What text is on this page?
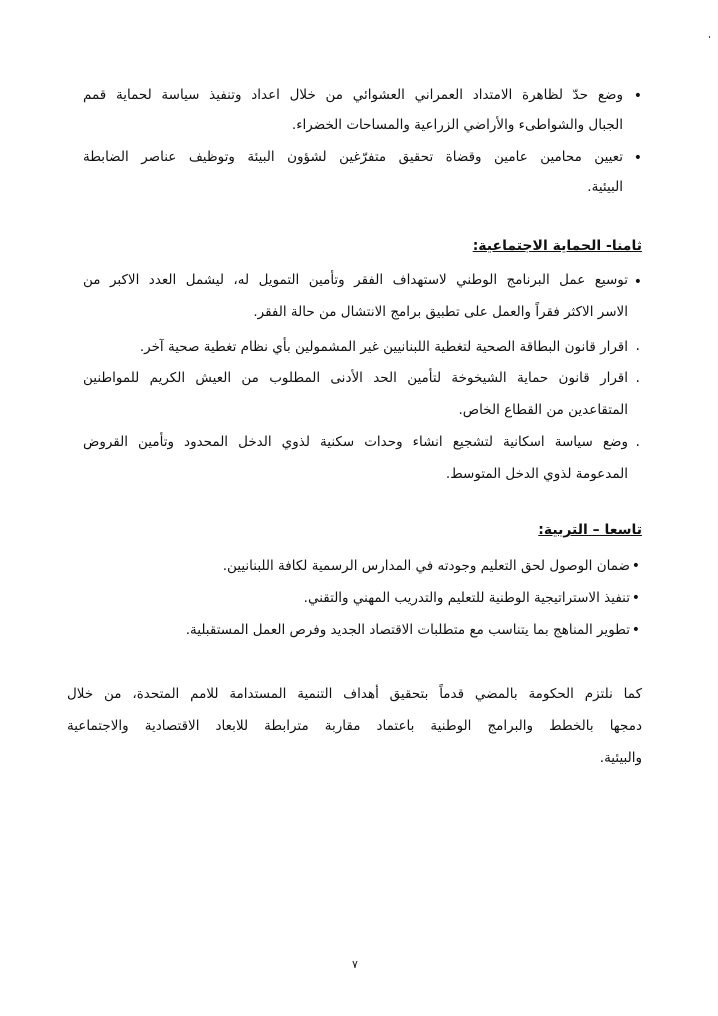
•
وضع حدّ لظاهرة الامتداد العمراني العشوائي من خلال اعداد وتنفيذ سياسة لحماية قمم
الجبال والشواطىء والأراضي الزراعية والمساحات الخضراء.
•
تعيين محامين عامين وقضاة تحقيق متفرّغين لشؤون البيئة وتوظيف عناصر الضابطة
البيئية.
ثامنا- الحماية الاجتماعية:
•
توسيع عمل البرنامج الوطني لاستهداف الفقر وتأمين التمويل له، ليشمل العدد الاكبر من
الاسر الاكثر فقراً والعمل على تطبيق برامج الانتشال من حالة الفقر.
.
اقرار قانون البطاقة الصحية لتغطية اللبنانيين غير المشمولين بأي نظام تغطية صحية آخر.
.
اقرار قانون حماية الشيخوخة لتأمين الحد الأدنى المطلوب من العيش الكريم للمواطنين
المتقاعدين من القطاع الخاص.
.
وضع سياسة اسكانية لتشجيع انشاء وحدات سكنية لذوي الدخل المحدود وتأمين القروض
المدعومة لذوي الدخل المتوسط.
تاسعا – التربية:
•
ضمان الوصول لحق التعليم وجودته في المدارس الرسمية لكافة اللبنانيين.
•
تنفيذ الاستراتيجية الوطنية للتعليم والتدريب المهني والتقني.
•
تطوير المناهج بما يتناسب مع متطلبات الاقتصاد الجديد وفرص العمل المستقبلية.
كما نلتزم الحكومة بالمضي قدماً بتحقيق أهداف التنمية المستدامة للامم المتحدة، من خلال
دمجها بالخطط والبرامج الوطنية باعتماد مقاربة مترابطة للابعاد الاقتصادية والاجتماعية
والبيئية.
٧
